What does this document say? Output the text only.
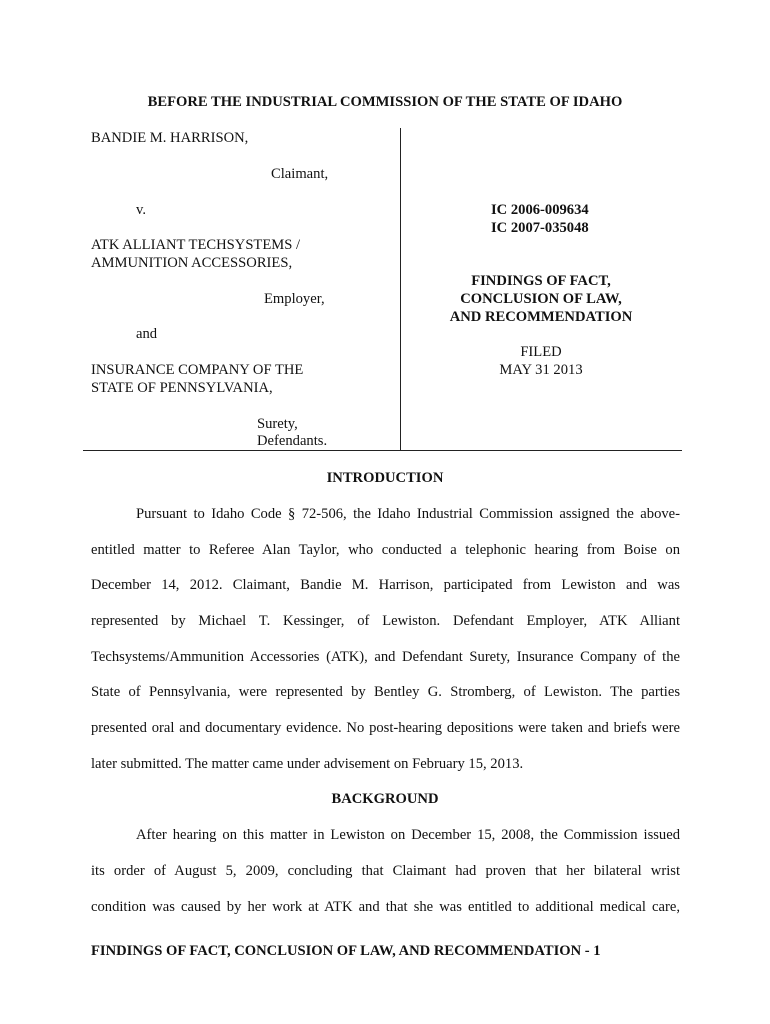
BEFORE THE INDUSTRIAL COMMISSION OF THE STATE OF IDAHO
BANDIE M. HARRISON,
Claimant,
v.
ATK ALLIANT TECHSYSTEMS /
AMMUNITION ACCESSORIES,
Employer,
and
INSURANCE COMPANY OF THE
STATE OF PENNSYLVANIA,
Surety,
Defendants.
IC 2006-009634
IC 2007-035048
FINDINGS OF FACT,
CONCLUSION OF LAW,
AND RECOMMENDATION
FILED
MAY 31 2013
INTRODUCTION
Pursuant to Idaho Code § 72-506, the Idaho Industrial Commission assigned the above-
entitled matter to Referee Alan Taylor, who conducted a telephonic hearing from Boise on
December 14, 2012. Claimant, Bandie M. Harrison, participated from Lewiston and was
represented by Michael T. Kessinger, of Lewiston. Defendant Employer, ATK Alliant
Techsystems/Ammunition Accessories (ATK), and Defendant Surety, Insurance Company of the
State of Pennsylvania, were represented by Bentley G. Stromberg, of Lewiston. The parties
presented oral and documentary evidence. No post-hearing depositions were taken and briefs were
later submitted. The matter came under advisement on February 15, 2013.
BACKGROUND
After hearing on this matter in Lewiston on December 15, 2008, the Commission issued
its order of August 5, 2009, concluding that Claimant had proven that her bilateral wrist
condition was caused by her work at ATK and that she was entitled to additional medical care,
FINDINGS OF FACT, CONCLUSION OF LAW, AND RECOMMENDATION - 1
